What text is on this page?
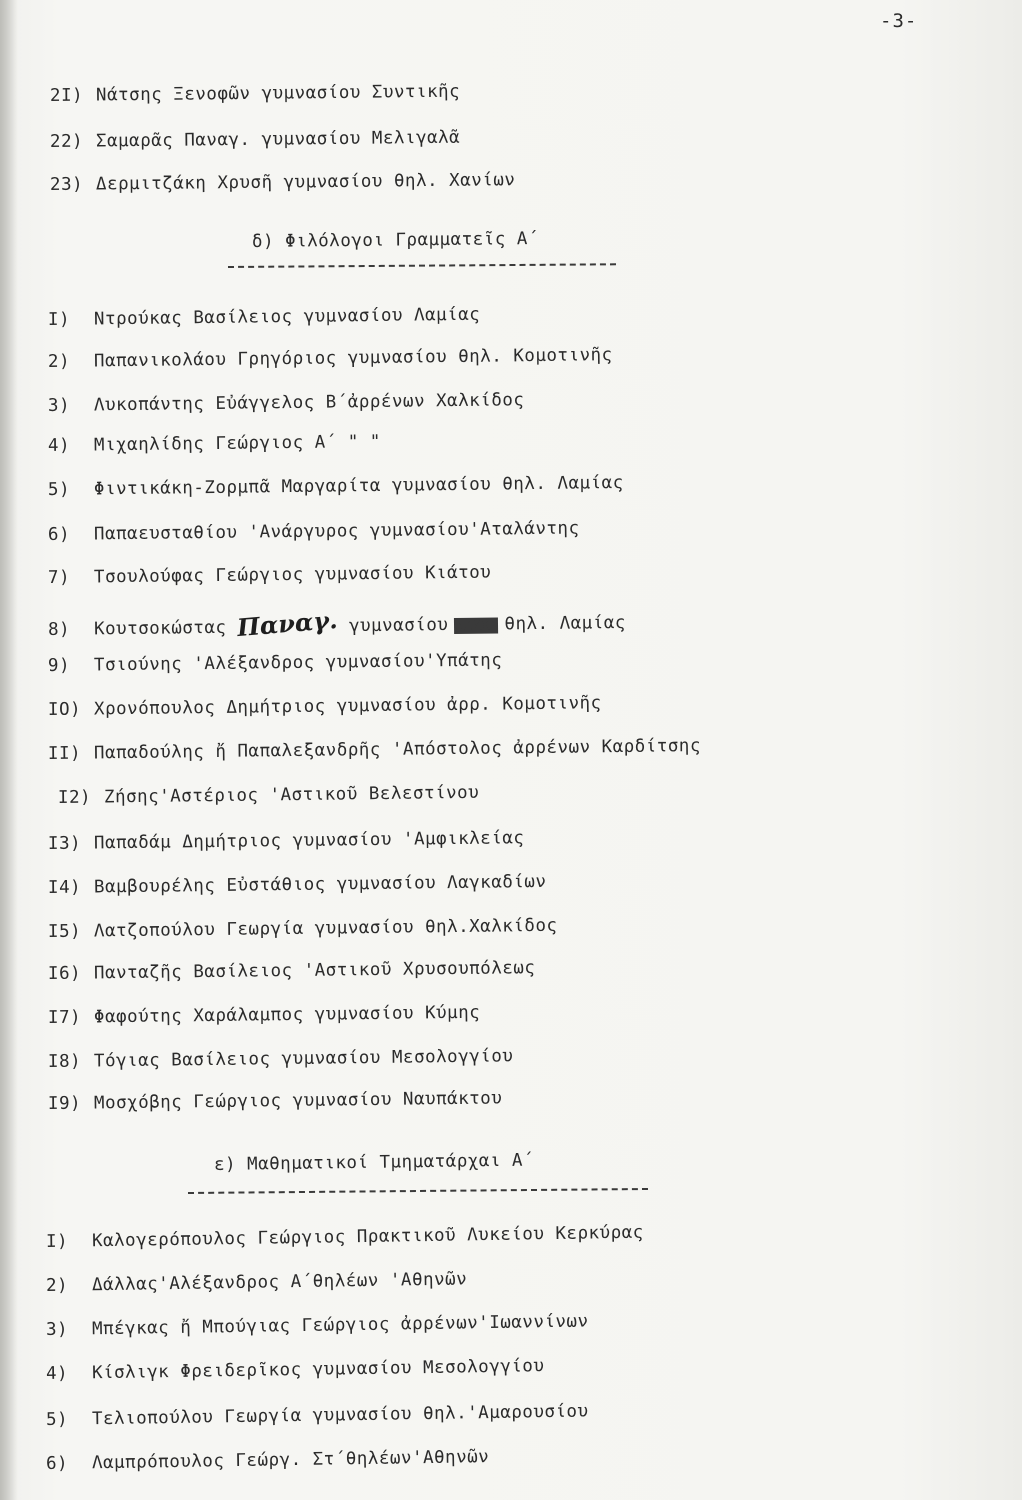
-3-
2I) Νάτσης Ξενοφῶν γυμνασίου Συντικῆς
22) Σαμαρᾶς Παναγ. γυμνασίου Μελιγαλᾶ
23) Δερμιτζάκη Χρυσῆ γυμνασίου θηλ. Χανίων
δ) Φιλόλογοι Γραμματεῖς Α΄
I) Ντρούκας Βασίλειος γυμνασίου Λαμίας
2) Παπανικολάου Γρηγόριος γυμνασίου θηλ. Κομοτινῆς
3) Λυκοπάντης Εὐάγγελος Β΄ἀρρένων Χαλκίδος
4) Μιχαηλίδης Γεώργιος Α΄ " "
5) Φιντικάκη-Ζορμπᾶ Μαργαρίτα γυμνασίου θηλ. Λαμίας
6) Παπαευσταθίου 'Ανάργυρος γυμνασίου'Αταλάντης
7) Τσουλούφας Γεώργιος γυμνασίου Κιάτου
8) Κουτσοκώστας Παναγ. γυμνασίου XXXXX θηλ. Λαμίας
9) Τσιούνης 'Αλέξανδρος γυμνασίου'Υπάτης
IO) Χρονόπουλος Δημήτριος γυμνασίου ἀρρ. Κομοτινῆς
II) Παπαδούλης ἤ Παπαλεξανδρῆς 'Απόστολος ἀρρένων Καρδίτσης
I2) Ζήσης'Αστέριος 'Αστικοῦ Βελεστίνου
I3) Παπαδάμ Δημήτριος γυμνασίου 'Αμφικλείας
I4) Βαμβουρέλης Εὐστάθιος γυμνασίου Λαγκαδίων
I5) Λατζοπούλου Γεωργία γυμνασίου θηλ.Χαλκίδος
I6) Πανταζῆς Βασίλειος 'Αστικοῦ Χρυσουπόλεως
I7) Φαφούτης Χαράλαμπος γυμνασίου Κύμης
I8) Τόγιας Βασίλειος γυμνασίου Μεσολογγίου
I9) Μοσχόβης Γεώργιος γυμνασίου Ναυπάκτου
ε) Μαθηματικοί Τμηματάρχαι Α΄
I) Καλογερόπουλος Γεώργιος Πρακτικοῦ Λυκείου Κερκύρας
2) Δάλλας'Αλέξανδρος Α΄θηλέων 'Αθηνῶν
3) Μπέγκας ἤ Μπούγιας Γεώργιος ἀρρένων'Ιωαννίνων
4) Κίσλιγκ Φρειδερῖκος γυμνασίου Μεσολογγίου
5) Τελιοπούλου Γεωργία γυμνασίου θηλ.'Αμαρουσίου
6) Λαμπρόπουλος Γεώργ. Στ΄θηλέων'Αθηνῶν
